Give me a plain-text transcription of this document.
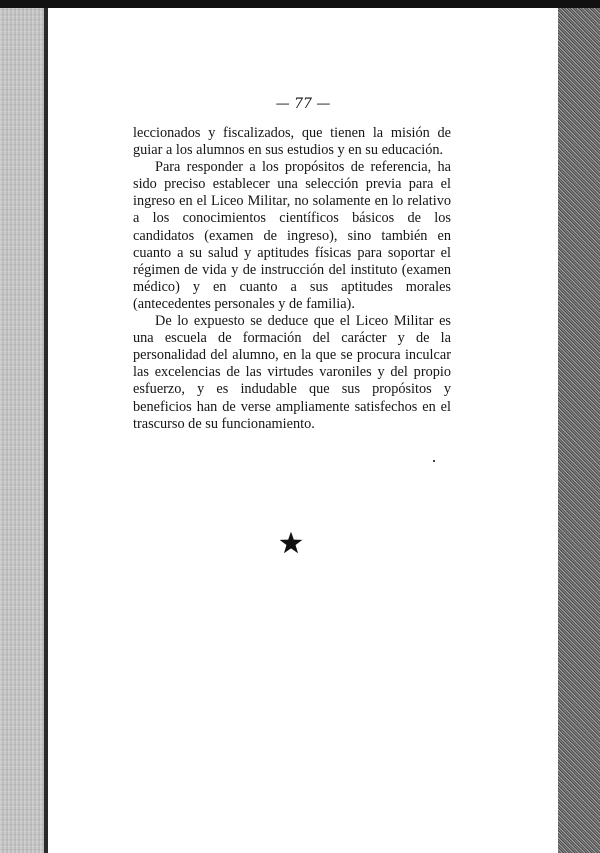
— 77 —

leccionados y fiscalizados, que tienen la misión de guiar a los alumnos en sus estudios y en su educación.

Para responder a los propósitos de referencia, ha sido preciso establecer una selección previa para el ingreso en el Liceo Militar, no solamente en lo relativo a los conocimientos científicos básicos de los candidatos (examen de ingreso), sino también en cuanto a su salud y aptitudes físicas para soportar el régimen de vida y de instrucción del instituto (examen médico) y en cuanto a sus aptitudes morales (antecedentes personales y de familia).

De lo expuesto se deduce que el Liceo Militar es una escuela de formación del carácter y de la personalidad del alumno, en la que se procura inculcar las excelencias de las virtudes varoniles y del propio esfuerzo, y es indudable que sus propósitos y beneficios han de verse ampliamente satisfechos en el trascurso de su funcionamiento.
